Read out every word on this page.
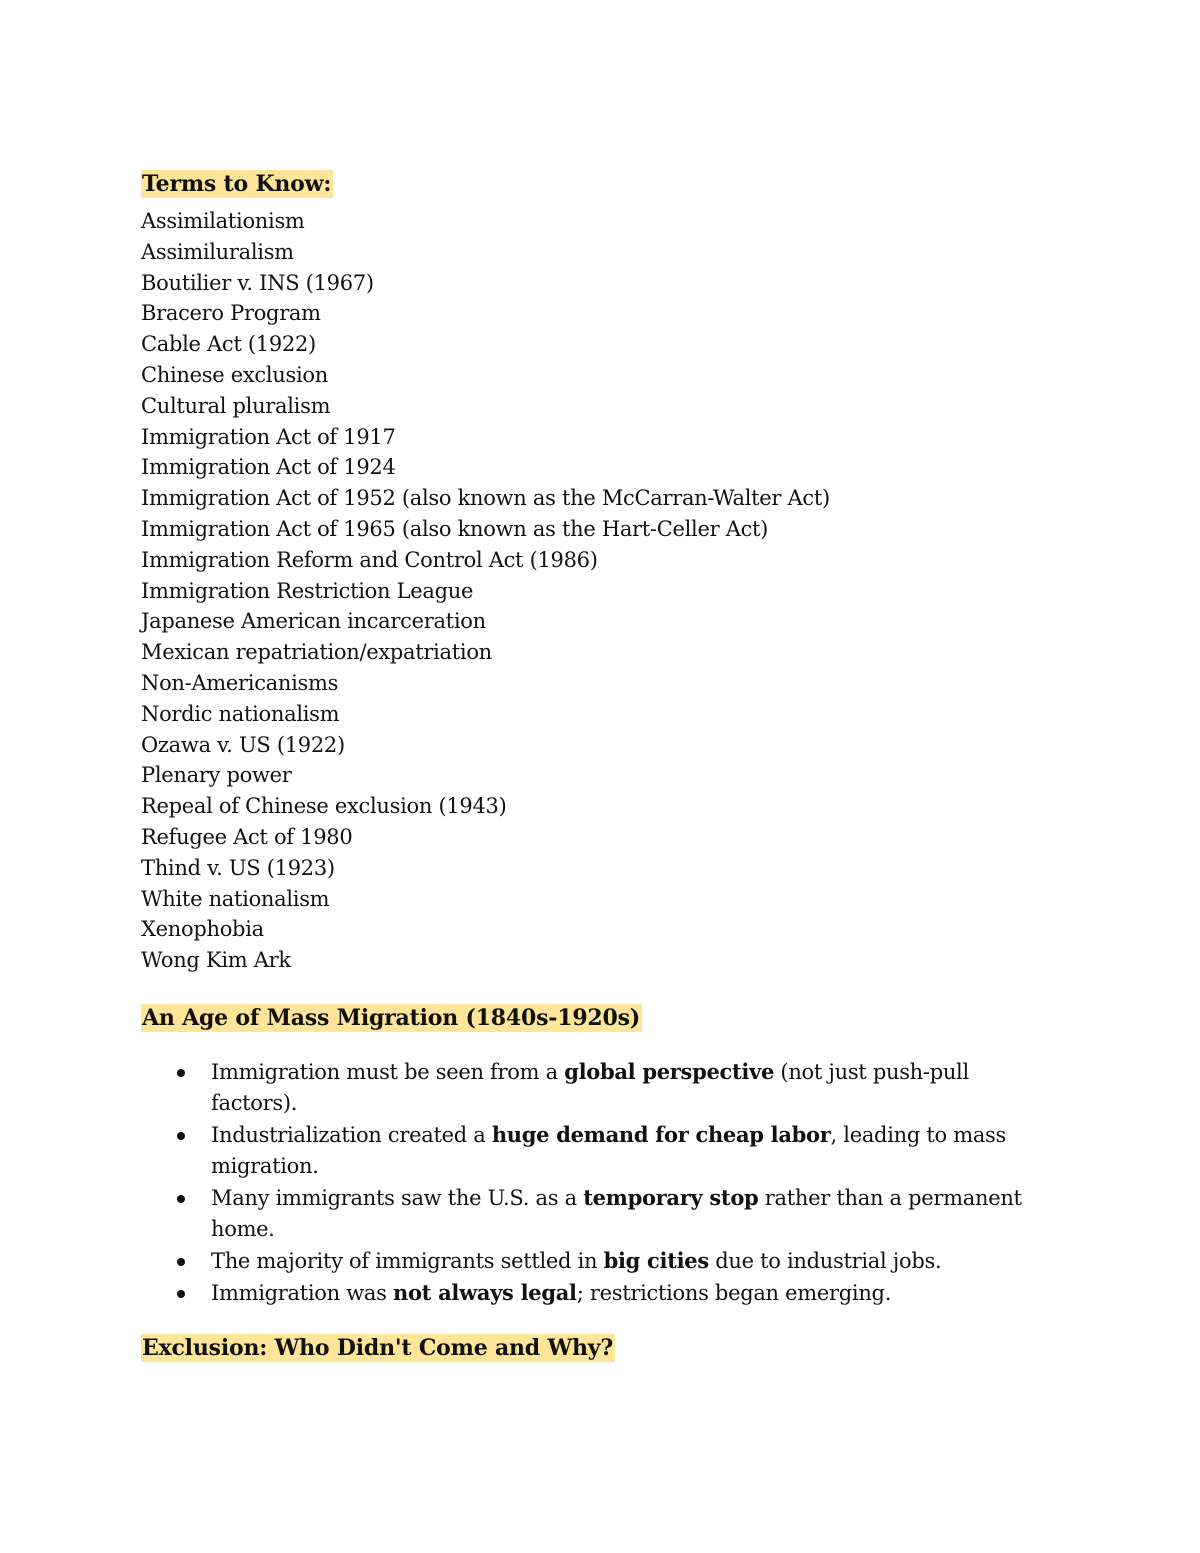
Terms to Know:
Assimilationism
Assimiluralism
Boutilier v. INS (1967)
Bracero Program
Cable Act (1922)
Chinese exclusion
Cultural pluralism
Immigration Act of 1917
Immigration Act of 1924
Immigration Act of 1952 (also known as the McCarran-Walter Act)
Immigration Act of 1965 (also known as the Hart-Celler Act)
Immigration Reform and Control Act (1986)
Immigration Restriction League
Japanese American incarceration
Mexican repatriation/expatriation
Non-Americanisms
Nordic nationalism
Ozawa v. US (1922)
Plenary power
Repeal of Chinese exclusion (1943)
Refugee Act of 1980
Thind v. US (1923)
White nationalism
Xenophobia
Wong Kim Ark
An Age of Mass Migration (1840s-1920s)
Immigration must be seen from a global perspective (not just push-pull factors).
Industrialization created a huge demand for cheap labor, leading to mass migration.
Many immigrants saw the U.S. as a temporary stop rather than a permanent home.
The majority of immigrants settled in big cities due to industrial jobs.
Immigration was not always legal; restrictions began emerging.
Exclusion: Who Didn't Come and Why?
